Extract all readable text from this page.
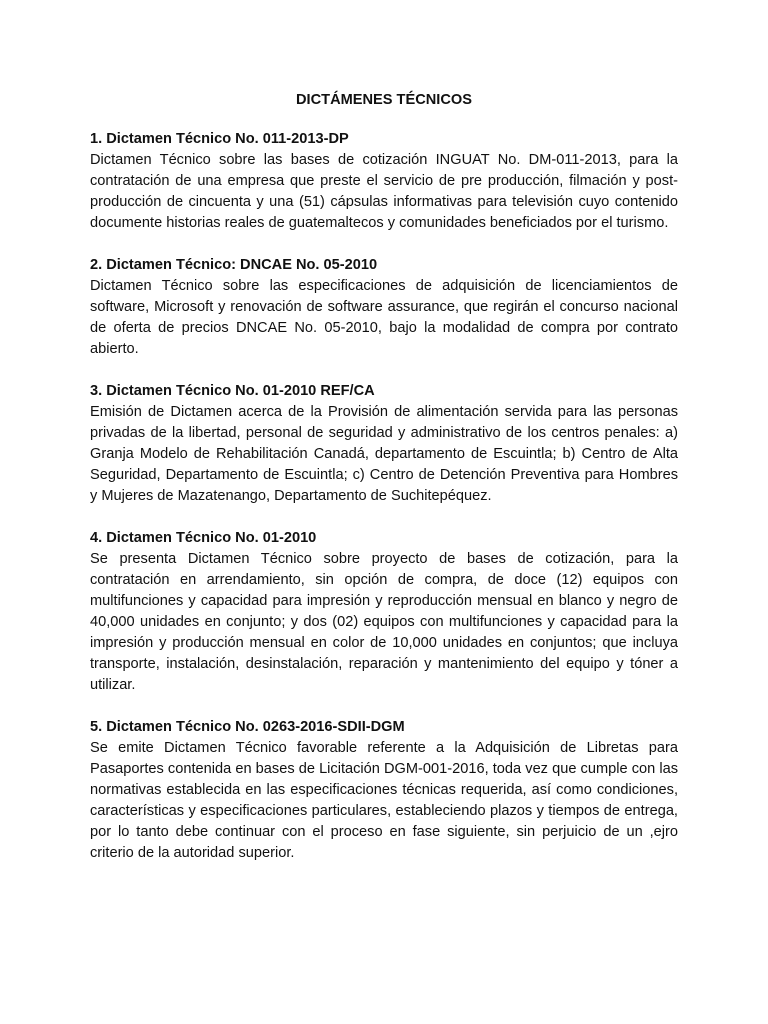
DICTÁMENES TÉCNICOS
1. Dictamen Técnico No. 011-2013-DP
Dictamen Técnico sobre las bases de cotización INGUAT No. DM-011-2013, para la contratación de una empresa que preste el servicio de pre producción, filmación y post-producción de cincuenta y una (51) cápsulas informativas para televisión cuyo contenido documente historias reales de guatemaltecos y comunidades beneficiados por el turismo.
2. Dictamen Técnico: DNCAE No. 05-2010
Dictamen Técnico sobre las especificaciones de adquisición de licenciamientos de software, Microsoft y renovación de software assurance, que regirán el concurso nacional de oferta de precios DNCAE No. 05-2010, bajo la modalidad de compra por contrato abierto.
3. Dictamen Técnico No. 01-2010 REF/CA
Emisión de Dictamen acerca de la Provisión de alimentación servida para las personas privadas de la libertad, personal de seguridad y administrativo de los centros penales: a) Granja Modelo de Rehabilitación Canadá, departamento de Escuintla; b) Centro de Alta Seguridad, Departamento de Escuintla; c) Centro de Detención Preventiva para Hombres y Mujeres de Mazatenango, Departamento de Suchitepéquez.
4. Dictamen Técnico No. 01-2010
Se presenta Dictamen Técnico sobre proyecto de bases de cotización, para la contratación en arrendamiento, sin opción de compra, de doce (12) equipos con multifunciones y capacidad para impresión y reproducción mensual en blanco y negro de 40,000 unidades en conjunto; y dos (02) equipos con multifunciones y capacidad para la impresión y producción mensual en color de 10,000 unidades en conjuntos; que incluya transporte, instalación, desinstalación, reparación y mantenimiento del equipo y tóner a utilizar.
5. Dictamen Técnico No. 0263-2016-SDII-DGM
Se emite Dictamen Técnico favorable referente a la Adquisición de Libretas para Pasaportes contenida en bases de Licitación DGM-001-2016, toda vez que cumple con las normativas establecida en las especificaciones técnicas requerida, así como condiciones, características y especificaciones particulares, estableciendo plazos y tiempos de entrega, por lo tanto debe continuar con el proceso en fase siguiente, sin perjuicio de un ,ejro criterio de la autoridad superior.
